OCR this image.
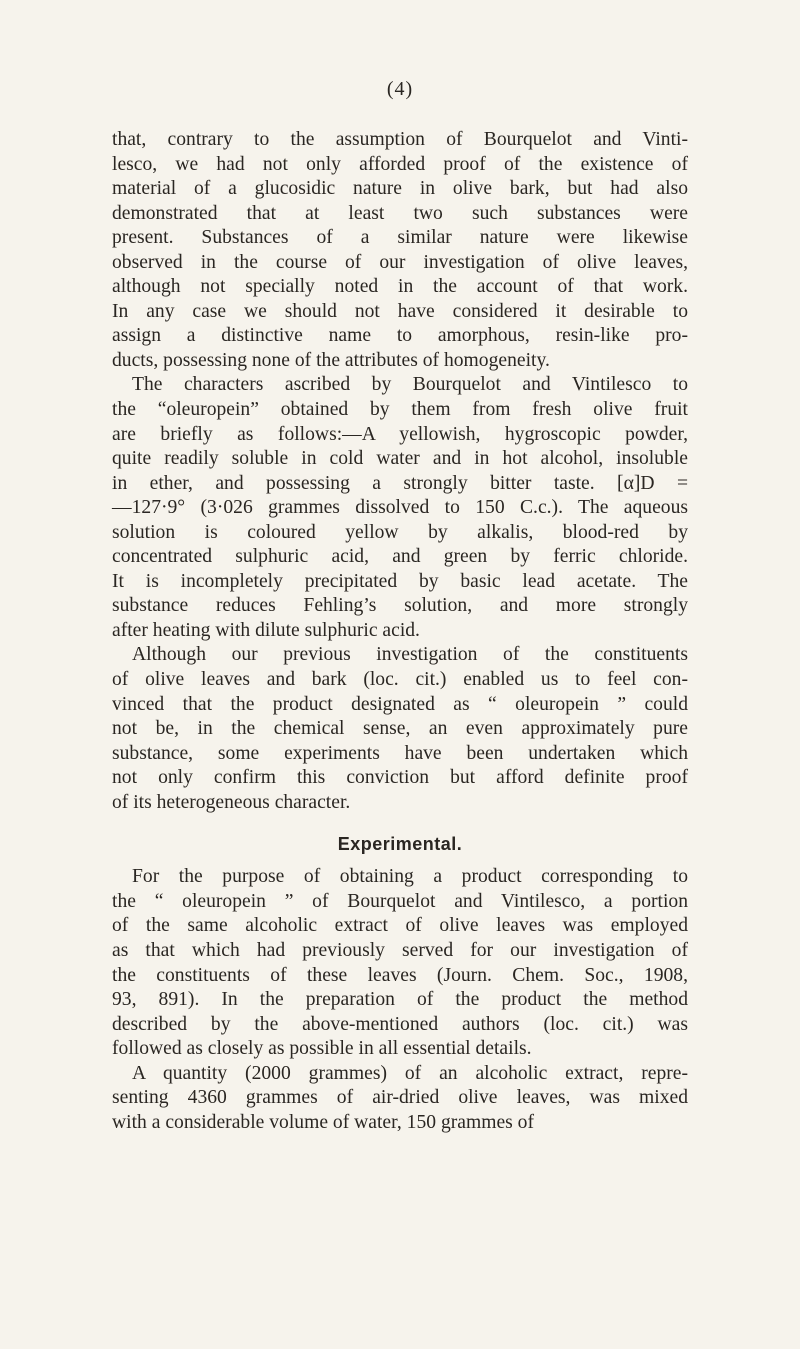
(4)
that, contrary to the assumption of Bourquelot and Vinti-
lesco, we had not only afforded proof of the existence of
material of a glucosidic nature in olive bark, but had also
demonstrated that at least two such substances were
present. Substances of a similar nature were likewise
observed in the course of our investigation of olive leaves,
although not specially noted in the account of that work.
In any case we should not have considered it desirable to
assign a distinctive name to amorphous, resin-like pro-
ducts, possessing none of the attributes of homogeneity.
The characters ascribed by Bourquelot and Vintilesco to
the “oleuropein” obtained by them from fresh olive fruit
are briefly as follows:—A yellowish, hygroscopic powder,
quite readily soluble in cold water and in hot alcohol, insoluble
in ether, and possessing a strongly bitter taste. [α]D =
—127·9° (3·026 grammes dissolved to 150 C.c.). The aqueous
solution is coloured yellow by alkalis, blood-red by
concentrated sulphuric acid, and green by ferric chloride.
It is incompletely precipitated by basic lead acetate. The
substance reduces Fehling’s solution, and more strongly
after heating with dilute sulphuric acid.
Although our previous investigation of the constituents
of olive leaves and bark (loc. cit.) enabled us to feel con-
vinced that the product designated as “ oleuropein ” could
not be, in the chemical sense, an even approximately pure
substance, some experiments have been undertaken which
not only confirm this conviction but afford definite proof
of its heterogeneous character.
Experimental.
For the purpose of obtaining a product corresponding to
the “ oleuropein ” of Bourquelot and Vintilesco, a portion
of the same alcoholic extract of olive leaves was employed
as that which had previously served for our investigation of
the constituents of these leaves (Journ. Chem. Soc., 1908,
93, 891). In the preparation of the product the method
described by the above-mentioned authors (loc. cit.) was
followed as closely as possible in all essential details.
A quantity (2000 grammes) of an alcoholic extract, repre-
senting 4360 grammes of air-dried olive leaves, was mixed
with a considerable volume of water, 150 grammes of
